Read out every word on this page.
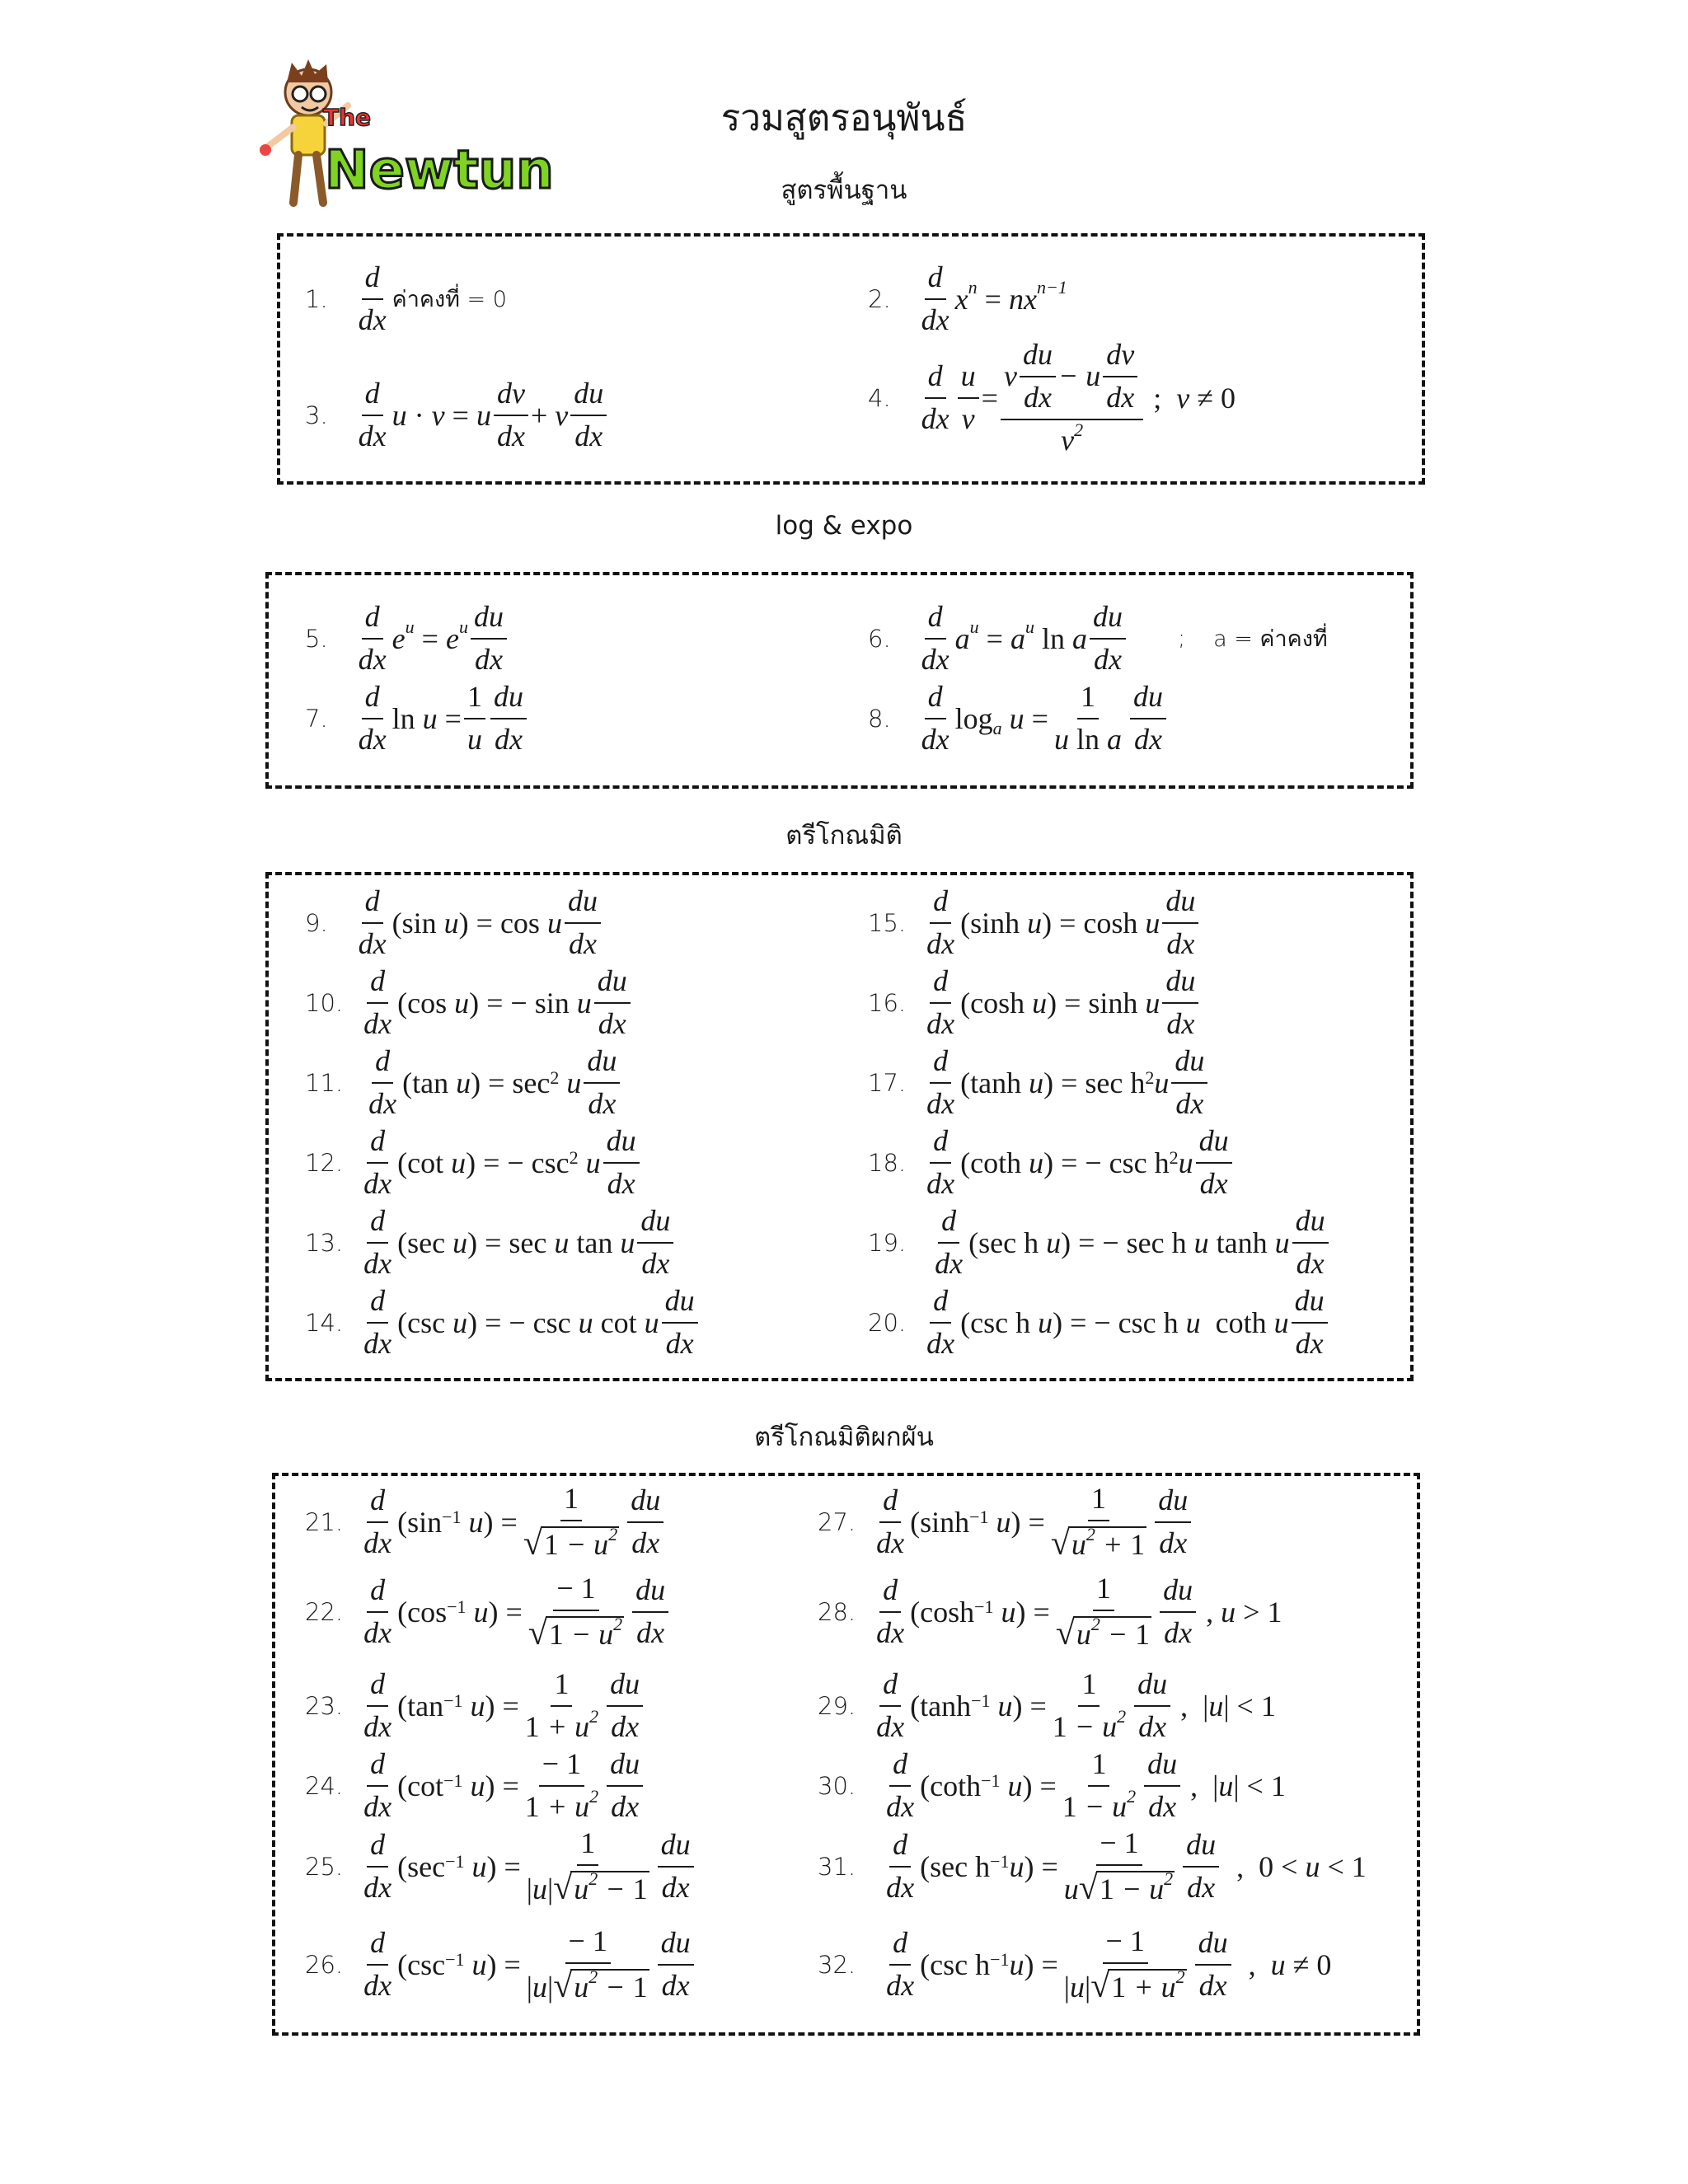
The
Newtun
รวมสูตรอนุพันธ์
สูตรพื้นฐาน
1. $\frac{d}{dx}$ ค่าคงที่ = 0	2. $\frac{d}{dx} x^n = nx^{n-1}$
3. $\frac{d}{dx}$ u · v = u $\frac{dv}{dx} + v \frac{du}{dx}$	4. $\frac{d}{dx} \frac{u}{v} = \frac{v \frac{du}{dx} - u \frac{dv}{dx}}{v^2}$ ; v ≠ 0
log & expo
5. $\frac{d}{dx} e^u = e^u \frac{du}{dx}$	6. $\frac{d}{dx} a^u = a^u$ ln a $\frac{du}{dx}$ ; a = ค่าคงที่
7. $\frac{d}{dx}$ $\ln u = \frac{1}{u} \frac{du}{dx}$	8. $\frac{d}{dx} \log_a$
$u = \frac{1}{\text{u ln a}} \frac{du}{dx}$
ตรีโกณมิติ
9. $\frac{d}{dx} (\sin$ u ) = cos u $\frac{du}{dx}$
10. $\frac{d}{dx} (\cos$ u ) = − sin u $\frac{du}{dx}$
11. $\frac{d}{dx} (\tan$ u ) = $\sec^2$
u $\frac{du}{dx}$
12. $\frac{d}{dx} (\cot$ u ) = − $\csc^2$
u $\frac{du}{dx}$
13. $\frac{d}{dx} (\sec$ u ) = sec u tan u $\frac{du}{dx}$
14. $\frac{d}{dx} (\csc$ u ) = − csc u cot u $\frac{du}{dx}$
15. $\frac{d}{dx} (\sinh$ u ) = cosh u $\frac{du}{dx}$
16. $\frac{d}{dx} (\cosh$ u ) = sinh u $\frac{du}{dx}$
17. $\frac{d}{dx} (\tanh$ u ) = $\sec h^2$ u $\frac{du}{dx}$
18. $\frac{d}{dx} (\cot h$ u ) = − $\csc h^2$ u $\frac{du}{dx}$
19. $\frac{d}{dx} (\sec$ h u ) = − sec h u tanh u $\frac{du}{dx}$
20. $\frac{d}{dx} (\csc$ h u ) = − csc h u coth u $\frac{du}{dx}$
ตรีโกณมิติผกผัน
21. $\frac{d}{dx} (\sin^{-1}$
u ) = $\frac{1}{√ 1 - u^2} \frac{du}{dx}$
22. $\frac{d}{dx} (\cos^{-1}$
u ) = $\frac{- 1}{√ 1 - u^2} \frac{du}{dx}$
23. $\frac{d}{dx} (\tan^{-1}$
u ) = $\frac{1}{1 + u^2} \frac{du}{dx}$
24. $\frac{d}{dx} (\cot^{-1}$
u ) = $\frac{- 1}{1 + u^2} \frac{du}{dx}$
25. $\frac{d}{dx} (\sec^{-1}$
u ) = $\frac{1}{|u| √ u^2 - 1} \frac{du}{dx}$
26. $\frac{d}{dx} (\csc^{-1}$
u ) = $\frac{- 1}{|u| √ u^2 - 1} \frac{du}{dx}$
27. $\frac{d}{dx} (\sinh^{-1}$
u ) = $\frac{1}{√ u^2 + 1} \frac{du}{dx}$
28. $\frac{d}{dx} (\cosh^{-1}$
u ) = $\frac{1}{√ u^2 - 1} \frac{du}{dx}$ , u > 1
29. $\frac{d}{dx} (\tanh^{-1}$
u ) = $\frac{1}{1 - u^2} \frac{du}{dx}$ ,  | u | < 1
30. $\frac{d}{dx} (\cot h^{-1}$
u ) = $\frac{1}{1 - u^2} \frac{du}{dx}$ ,  | u | < 1
31. $\frac{d}{dx} (\sec$ $h^{-1}$ u ) = $\frac{- 1}{u √ 1 - u^2} \frac{du}{dx}$ ,  0 < u < 1
32. $\frac{d}{dx} (\csc$ $h^{-1}$ u ) = $\frac{- 1}{|u| √ 1 + u^2} \frac{du}{dx}$ , u ≠ 0
